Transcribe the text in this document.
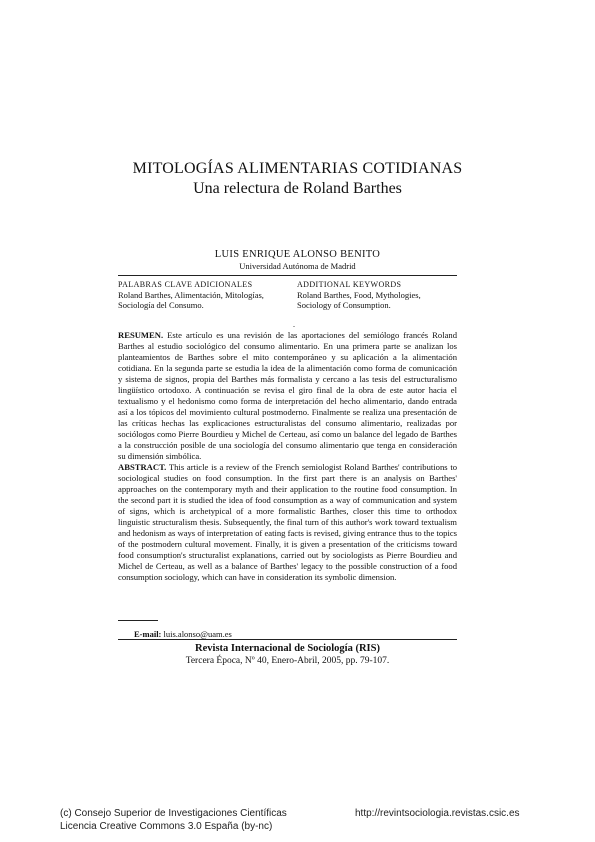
MITOLOGÍAS ALIMENTARIAS COTIDIANAS
Una relectura de Roland Barthes
LUIS ENRIQUE ALONSO BENITO
Universidad Autónoma de Madrid
PALABRAS CLAVE ADICIONALES
Roland Barthes, Alimentación, Mitologías, Sociología del Consumo.
ADDITIONAL KEYWORDS
Roland Barthes, Food, Mythologies, Sociology of Consumption.
.
RESUMEN. Este artículo es una revisión de las aportaciones del semiólogo francés Roland Barthes al estudio sociológico del consumo alimentario. En una primera parte se analizan los planteamientos de Barthes sobre el mito contemporáneo y su aplicación a la alimentación cotidiana. En la segunda parte se estudia la idea de la alimentación como forma de comunicación y sistema de signos, propia del Barthes más formalista y cercano a las tesis del estructuralismo lingüístico ortodoxo. A continuación se revisa el giro final de la obra de este autor hacia el textualismo y el hedonismo como forma de interpretación del hecho alimentario, dando entrada así a los tópicos del movimiento cultural postmoderno. Finalmente se realiza una presentación de las críticas hechas las explicaciones estructuralistas del consumo alimentario, realizadas por sociólogos como Pierre Bourdieu y Michel de Certeau, así como un balance del legado de Barthes a la construcción posible de una sociología del consumo alimentario que tenga en consideración su dimensión simbólica.
ABSTRACT. This article is a review of the French semiologist Roland Barthes' contributions to sociological studies on food consumption. In the first part there is an analysis on Barthes' approaches on the contemporary myth and their application to the routine food consumption. In the second part it is studied the idea of food consumption as a way of communication and system of signs, which is archetypical of a more formalistic Barthes, closer this time to orthodox linguistic structuralism thesis. Subsequently, the final turn of this author's work toward textualism and hedonism as ways of interpretation of eating facts is revised, giving entrance thus to the topics of the postmodern cultural movement. Finally, it is given a presentation of the criticisms toward food consumption's structuralist explanations, carried out by sociologists as Pierre Bourdieu and Michel de Certeau, as well as a balance of Barthes' legacy to the possible construction of a food consumption sociology, which can have in consideration its symbolic dimension.
E-mail: luis.alonso@uam.es
Revista Internacional de Sociología (RIS)
Tercera Época, Nº 40, Enero-Abril, 2005, pp. 79-107.
(c) Consejo Superior de Investigaciones Científicas
Licencia Creative Commons 3.0 España (by-nc)
http://revintsociologia.revistas.csic.es
